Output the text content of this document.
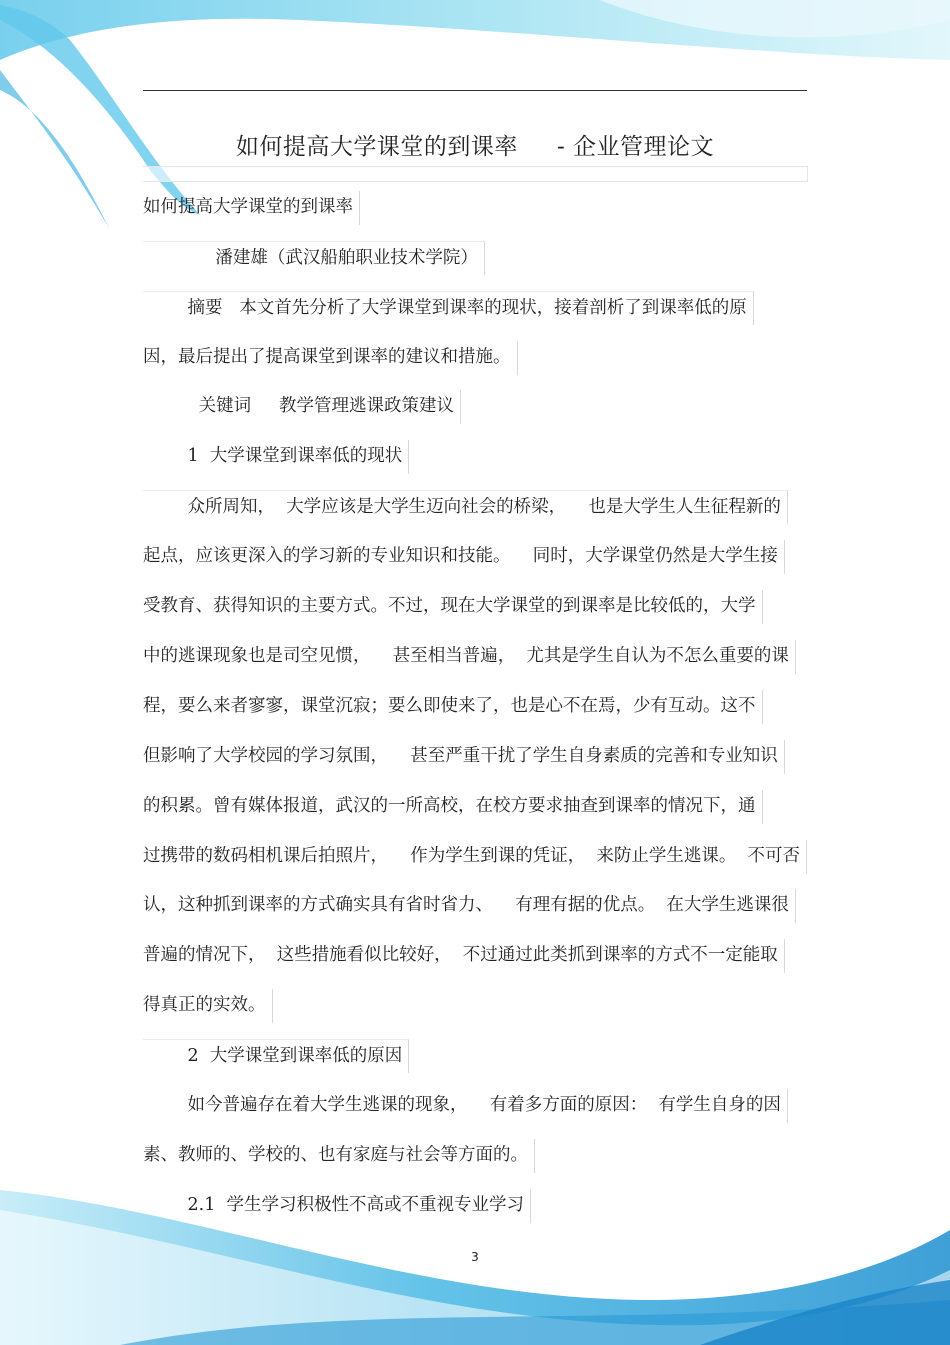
如何提高大学课堂的到课率     - 企业管理论文
如何提高大学课堂的到课率
潘建雄（武汉船舶职业技术学院）
摘要   本文首先分析了大学课堂到课率的现状，接着剖析了到课率低的原
因，最后提出了提高课堂到课率的建议和措施。
关键词     教学管理逃课政策建议
1  大学课堂到课率低的现状
众所周知，  大学应该是大学生迈向社会的桥梁，    也是大学生人生征程新的
起点，应该更深入的学习新的专业知识和技能。    同时，大学课堂仍然是大学生接
受教育、获得知识的主要方式。不过，现在大学课堂的到课率是比较低的，大学
中的逃课现象也是司空见惯，    甚至相当普遍，  尤其是学生自认为不怎么重要的课
程，要么来者寥寥，课堂沉寂；要么即使来了，也是心不在焉，少有互动。这不
但影响了大学校园的学习氛围，    甚至严重干扰了学生自身素质的完善和专业知识
的积累。曾有媒体报道，武汉的一所高校，在校方要求抽查到课率的情况下，通
过携带的数码相机课后拍照片，    作为学生到课的凭证，  来防止学生逃课。  不可否
认，这种抓到课率的方式确实具有省时省力、    有理有据的优点。  在大学生逃课很
普遍的情况下，  这些措施看似比较好，  不过通过此类抓到课率的方式不一定能取
得真正的实效。
2  大学课堂到课率低的原因
如今普遍存在着大学生逃课的现象，    有着多方面的原因：  有学生自身的因
素、教师的、学校的、也有家庭与社会等方面的。
2.1  学生学习积极性不高或不重视专业学习
3
